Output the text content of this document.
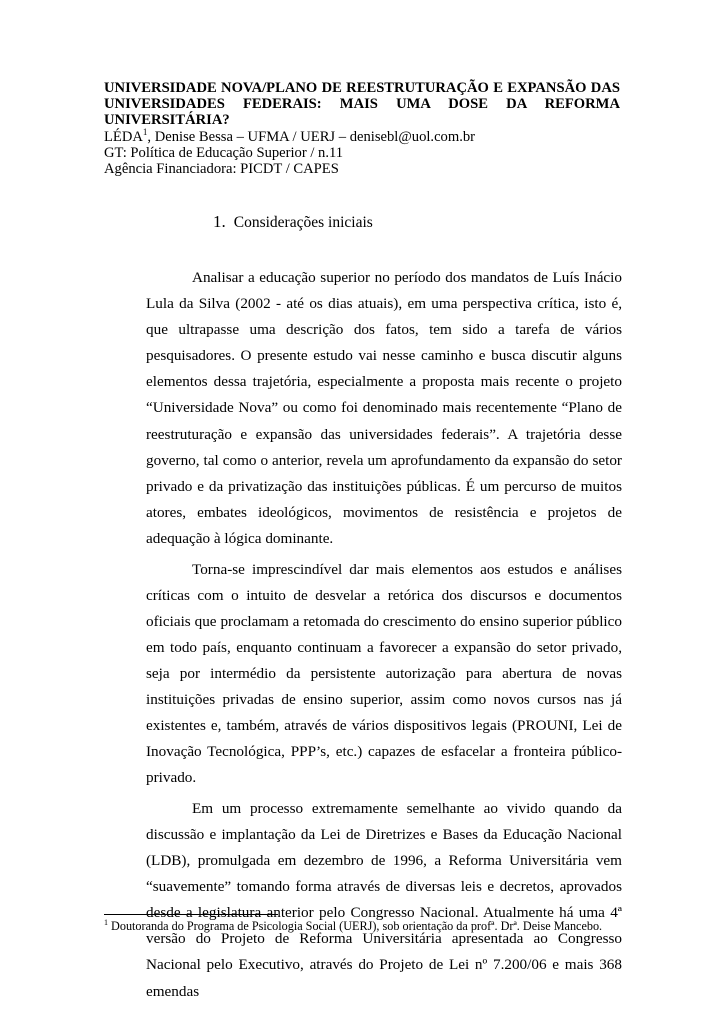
UNIVERSIDADE NOVA/PLANO DE REESTRUTURAÇÃO E EXPANSÃO DAS
UNIVERSIDADES FEDERAIS: MAIS UMA DOSE DA REFORMA
UNIVERSITÁRIA?
LÉDA$^1$, Denise Bessa – UFMA / UERJ – denisebl@uol.com.br
GT: Política de Educação Superior / n.11
Agência Financiadora: PICDT / CAPES
1. Considerações iniciais

Analisar a educação superior no período dos mandatos de Luís Inácio Lula da Silva (2002 - até os dias atuais), em uma perspectiva crítica, isto é, que ultrapasse uma descrição dos fatos, tem sido a tarefa de vários pesquisadores. O presente estudo vai nesse caminho e busca discutir alguns elementos dessa trajetória, especialmente a proposta mais recente o projeto “Universidade Nova” ou como foi denominado mais recentemente “Plano de reestruturação e expansão das universidades federais”. A trajetória desse governo, tal como o anterior, revela um aprofundamento da expansão do setor privado e da privatização das instituições públicas. É um percurso de muitos atores, embates ideológicos, movimentos de resistência e projetos de adequação à lógica dominante.

Torna-se imprescindível dar mais elementos aos estudos e análises críticas com o intuito de desvelar a retórica dos discursos e documentos oficiais que proclamam a retomada do crescimento do ensino superior público em todo país, enquanto continuam a favorecer a expansão do setor privado, seja por intermédio da persistente autorização para abertura de novas instituições privadas de ensino superior, assim como novos cursos nas já existentes e, também, através de vários dispositivos legais (PROUNI, Lei de Inovação Tecnológica, PPP’s, etc.) capazes de esfacelar a fronteira público-privado.

Em um processo extremamente semelhante ao vivido quando da discussão e implantação da Lei de Diretrizes e Bases da Educação Nacional (LDB), promulgada em dezembro de 1996, a Reforma Universitária vem “suavemente” tomando forma através de diversas leis e decretos, aprovados desde a legislatura anterior pelo Congresso Nacional. Atualmente há uma 4ª versão do Projeto de Reforma Universitária apresentada ao Congresso Nacional pelo Executivo, através do Projeto de Lei nº 7.200/06 e mais 368 emendas

$^1$ Doutoranda do Programa de Psicologia Social (UERJ), sob orientação da profª. Drª. Deise Mancebo.
